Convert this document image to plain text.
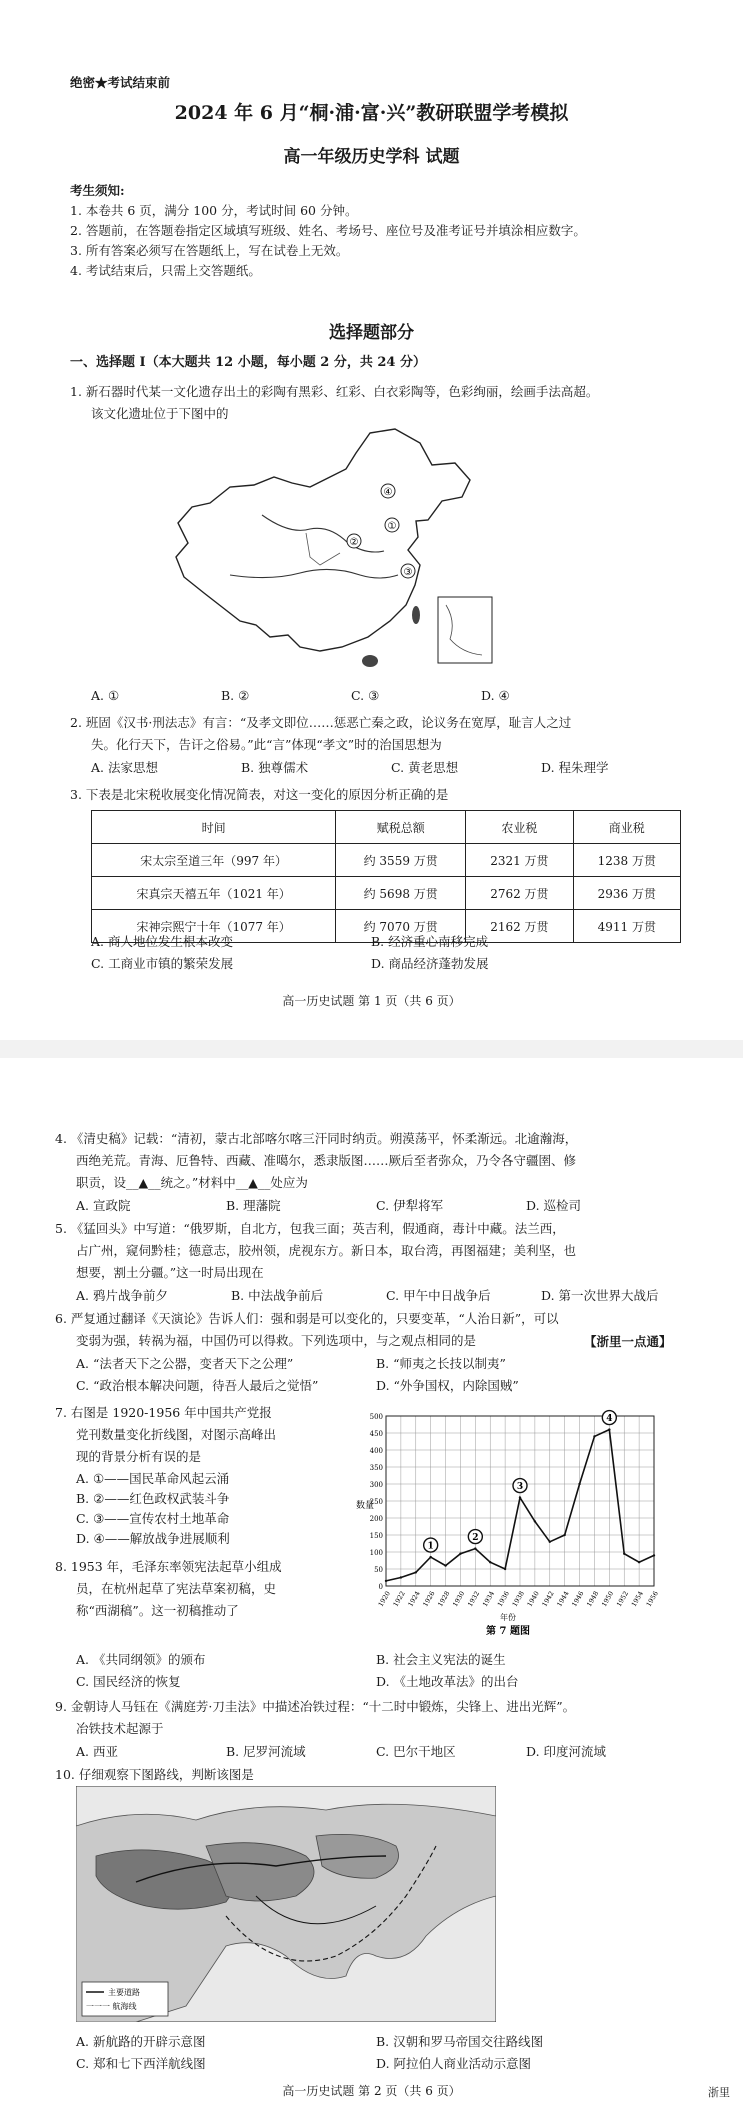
绝密★考试结束前
2024 年 6 月“桐·浦·富·兴”教研联盟学考模拟
高一年级历史学科 试题
考生须知:
1. 本卷共 6 页，满分 100 分，考试时间 60 分钟。
2. 答题前，在答题卷指定区域填写班级、姓名、考场号、座位号及准考证号并填涂相应数字。
3. 所有答案必须写在答题纸上，写在试卷上无效。
4. 考试结束后，只需上交答题纸。
选择题部分
一、选择题 I（本大题共 12 小题，每小题 2 分，共 24 分）
1. 新石器时代某一文化遗存出土的彩陶有黑彩、红彩、白衣彩陶等，色彩绚丽，绘画手法高超。
该文化遗址位于下图中的
④
①
②
③
A. ①	B. ②	C. ③	D. ④
2. 班固《汉书·刑法志》有言：“及孝文即位……惩恶亡秦之政，论议务在宽厚，耻言人之过
失。化行天下，告讦之俗易。”此“言”体现“孝文”时的治国思想为
A. 法家思想	B. 独尊儒术	C. 黄老思想	D. 程朱理学
3. 下表是北宋税收展变化情况简表，对这一变化的原因分析正确的是
时间	赋税总额	农业税	商业税
宋太宗至道三年（997 年）	约 3559 万贯	2321 万贯	1238 万贯
宋真宗天禧五年（1021 年）	约 5698 万贯	2762 万贯	2936 万贯
宋神宗熙宁十年（1077 年）	约 7070 万贯	2162 万贯	4911 万贯
A. 商人地位发生根本改变	B. 经济重心南移完成
C. 工商业市镇的繁荣发展	D. 商品经济蓬勃发展
高一历史试题 第 1 页（共 6 页）
4. 《清史稿》记载：“清初，蒙古北部喀尔喀三汗同时纳贡。朔漠荡平，怀柔渐远。北逾瀚海，
西绝羌荒。青海、厄鲁特、西藏、准噶尔，悉隶版图……厥后至者弥众，乃令各守疆圉、修
职贡，设__▲__统之。”材料中__▲__处应为
A. 宣政院	B. 理藩院	C. 伊犁将军	D. 巡检司
5. 《猛回头》中写道：“俄罗斯，自北方，包我三面；英吉利，假通商，毒计中藏。法兰西，
占广州，窥伺黔桂；德意志，胶州领，虎视东方。新日本，取台湾，再图福建；美利坚，也
想要，割土分疆。”这一时局出现在
A. 鸦片战争前夕	B. 中法战争前后	C. 甲午中日战争后	D. 第一次世界大战后
6. 严复通过翻译《天演论》告诉人们：强和弱是可以变化的，只要变革，“人治日新”，可以
变弱为强，转祸为福，中国仍可以得救。下列选项中，与之观点相同的是	【浙里一点通】
A. “法者天下之公器，变者天下之公理”	B. “师夷之长技以制夷”
C. “政治根本解决问题，待吾人最后之觉悟”	D. “外争国权，内除国贼”
7. 右图是 1920-1956 年中国共产党报
党刊数量变化折线图，对图示高峰出
现的背景分析有误的是
A. ①——国民革命风起云涌
B. ②——红色政权武装斗争
C. ③——宣传农村土地革命
D. ④——解放战争进展顺利
数量
第 7 题图
年份
0
50
100
150
200
250
300
350
400
450
500
1920 1922 1924 1926 1928 1930 1932 1934 1936 1938 1940 1942 1944 1946 1948 1950 1952 1954 1956
1
2
3
4
8. 1953 年，毛泽东率领宪法起草小组成
员，在杭州起草了宪法草案初稿，史
称“西湖稿”。这一初稿推动了
A. 《共同纲领》的颁布	B. 社会主义宪法的诞生
C. 国民经济的恢复	D. 《土地改革法》的出台
9. 金朝诗人马钰在《满庭芳·刀圭法》中描述冶铁过程：“十二时中锻炼，尖锋上、进出光辉”。
冶铁技术起源于
A. 西亚	B. 尼罗河流域	C. 巴尔干地区	D. 印度河流域
10. 仔细观察下图路线，判断该图是
主要道路
一一一 航海线
A. 新航路的开辟示意图	B. 汉朝和罗马帝国交往路线图
C. 郑和七下西洋航线图	D. 阿拉伯人商业活动示意图
高一历史试题 第 2 页（共 6 页）	浙里
